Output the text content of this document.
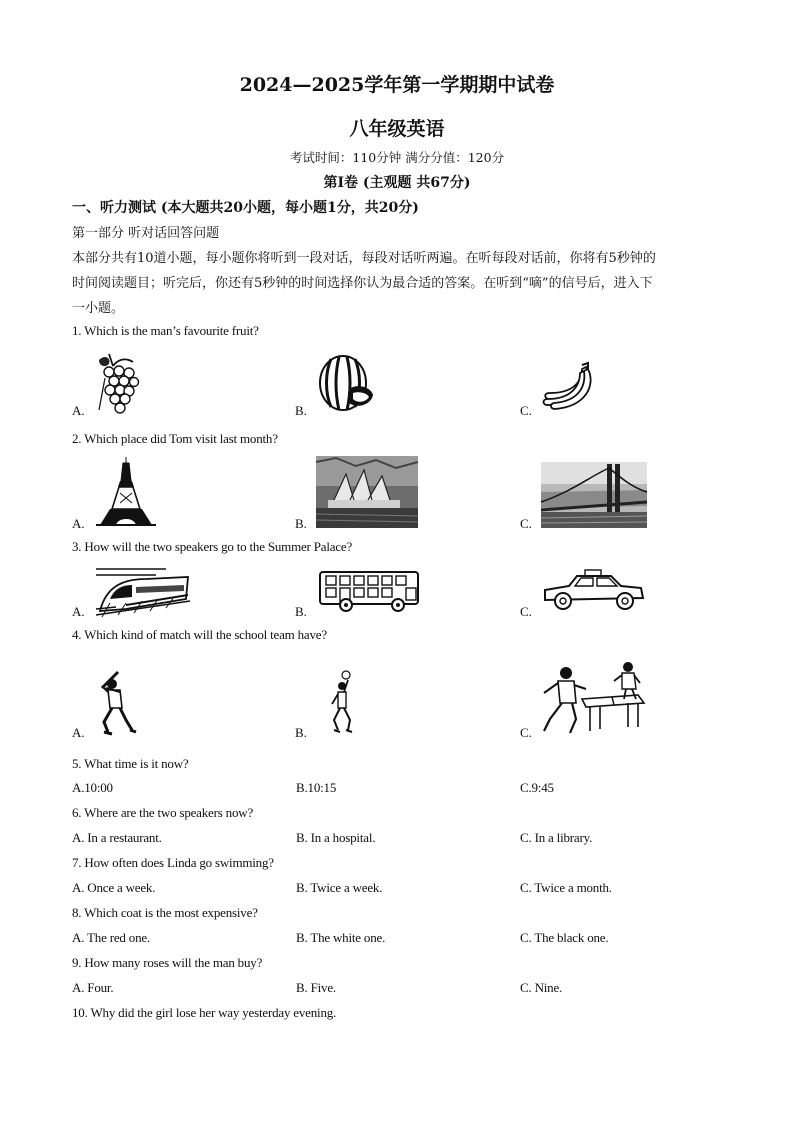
2024—2025学年第一学期期中试卷
八年级英语
考试时间：110分钟 满分分值：120分
第Ⅰ卷 (主观题 共67分)
一、听力测试 (本大题共20小题，每小题1分，共20分)
第一部分 听对话回答问题
本部分共有10道小题，每小题你将听到一段对话，每段对话听两遍。在听每段对话前，你将有5秒钟的
时间阅读题目；听完后，你还有5秒钟的时间选择你认为最合适的答案。在听到“嘀”的信号后，进入下
一小题。
1. Which is the man’s favourite fruit?
A.	B.	C.
2. Which place did Tom visit last month?
A.	B.	C.
3. How will the two speakers go to the Summer Palace?
A.	B.	C.
4. Which kind of match will the school team have?
A.	B.	C.
5. What time is it now?
A.10:00	B.10:15	C.9:45
6. Where are the two speakers now?
A. In a restaurant.	B. In a hospital.	C. In a library.
7. How often does Linda go swimming?
A. Once a week.	B. Twice a week.	C. Twice a month.
8. Which coat is the most expensive?
A. The red one.	B. The white one.	C. The black one.
9. How many roses will the man buy?
A. Four.	B. Five.	C. Nine.
10. Why did the girl lose her way yesterday evening.
